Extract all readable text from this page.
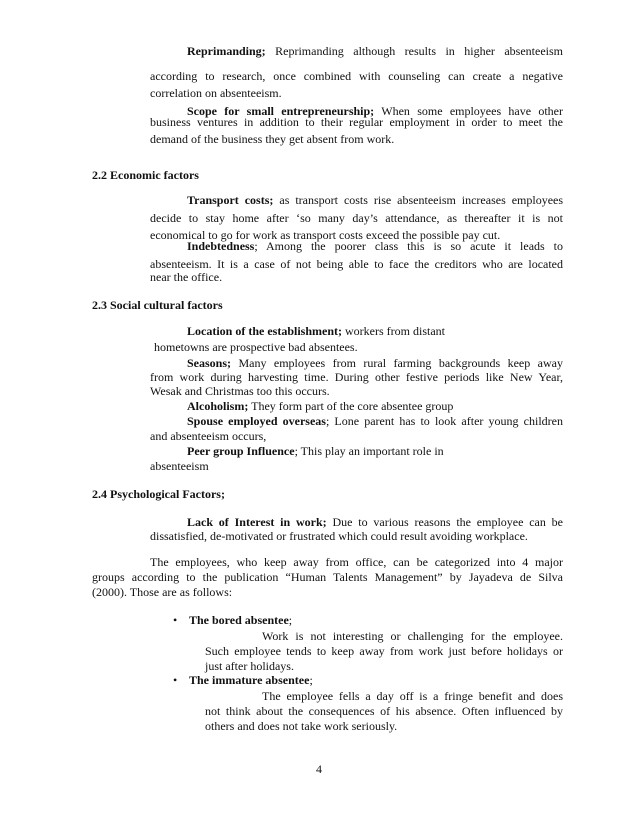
Reprimanding; Reprimanding although results in higher absenteeism
according to research, once combined with counseling can create a negative
correlation on absenteeism.
Scope for small entrepreneurship; When some employees have other
business ventures in addition to their regular employment in order to meet the
demand of the business they get absent from work.
2.2 Economic factors
Transport costs; as transport costs rise absenteeism increases employees
decide to stay home after ‘so many day’s attendance, as thereafter it is not
economical to go for work as transport costs exceed the possible pay cut.
Indebtedness; Among the poorer class this is so acute it leads to
absenteeism. It is a case of not being able to face the creditors who are located
near the office.
2.3 Social cultural factors
Location of the establishment; workers from distant
hometowns are prospective bad absentees.
Seasons; Many employees from rural farming backgrounds keep away
from work during harvesting time. During other festive periods like New Year,
Wesak and Christmas too this occurs.
Alcoholism; They form part of the core absentee group
Spouse employed overseas; Lone parent has to look after young children
and absenteeism occurs,
Peer group Influence; This play an important role in
absenteeism
2.4 Psychological Factors;
Lack of Interest in work; Due to various reasons the employee can be
dissatisfied, de-motivated or frustrated which could result avoiding workplace.
The employees, who keep away from office, can be categorized into 4 major
groups according to the publication “Human Talents Management” by Jayadeva de Silva
(2000). Those are as follows:
• The bored absentee;
Work is not interesting or challenging for the employee.
Such employee tends to keep away from work just before holidays or
just after holidays.
• The immature absentee;
The employee fells a day off is a fringe benefit and does
not think about the consequences of his absence. Often influenced by
others and does not take work seriously.
4
